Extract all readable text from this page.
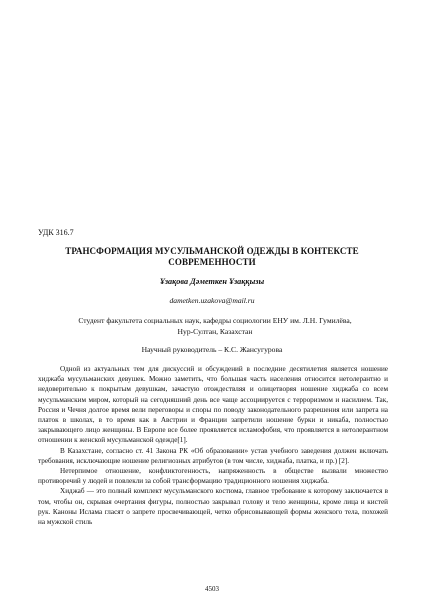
УДК 316.7
ТРАНСФОРМАЦИЯ МУСУЛЬМАНСКОЙ ОДЕЖДЫ В КОНТЕКСТЕ СОВРЕМЕННОСТИ
Ұзақова Дәметкен Ұзаққызы
dametken.uzakova@mail.ru
Студент факультета социальных наук, кафедры социологии ЕНУ им. Л.Н. Гумилёва, Нур-Султан, Казахстан
Научный руководитель – К.С. Жансугурова

Одной из актуальных тем для дискуссий и обсуждений в последние десятилетия является ношение хиджаба мусульманских девушек. Можно заметить, что большая часть населения относится нетолерантно и недоверительно к покрытым девушкам, зачастую отождествляя и олицетворяя ношение хиджаба со всем мусульманским миром, который на сегодняшний день все чаще ассоциируется с терроризмом и насилием. Так, Россия и Чечня долгое время вели переговоры и споры по поводу законодательного разрешения или запрета на платок в школах, в то время как в Австрии и Франции запретили ношение бурки и никаба, полностью закрывающего лицо женщины. В Европе все более проявляется исламофобия, что проявляется в нетолерантном отношении к женской мусульманской одежде[1].

В Казахстане, согласно ст. 41 Закона РК «Об образовании» устав учебного заведения должен включать требования, исключающие ношение религиозных атрибутов (в том числе, хиджаба, платка, и пр.) [2].

Нетерпимое отношение, конфликтогенность, напряженность в обществе вызвали множество противоречий у людей и повлекли за собой трансформацию традиционного ношения хиджаба.

Хиджаб — это полный комплект мусульманского костюма, главное требование к которому заключается в том, чтобы он, скрывая очертания фигуры, полностью закрывал голову и тело женщины, кроме лица и кистей рук. Каноны Ислама гласят о запрете просвечивающей, четко обрисовывающей формы женского тела, похожей на мужской стиль

4503
